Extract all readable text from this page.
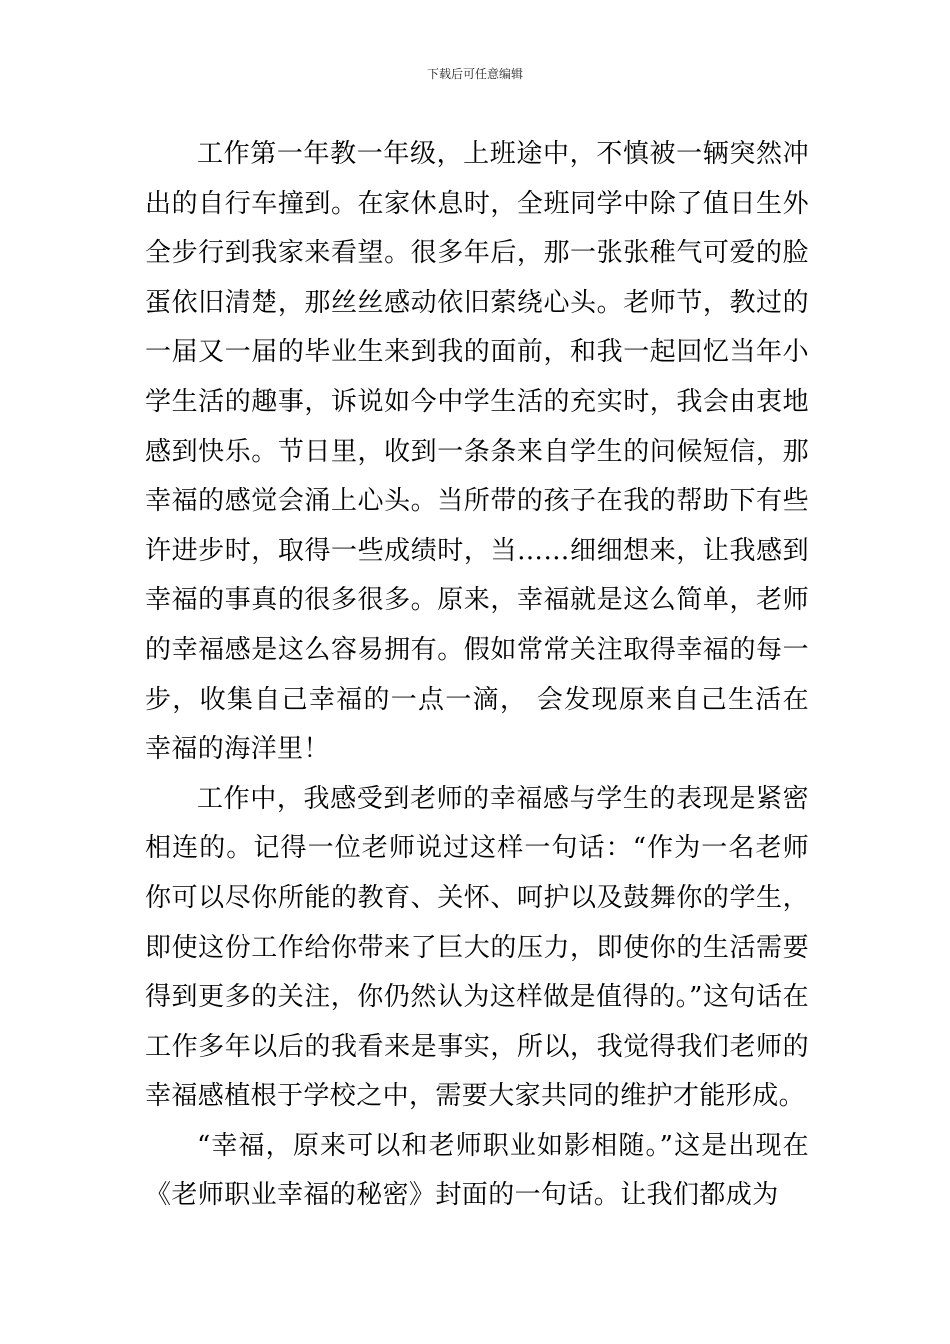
下载后可任意编辑

工作第一年教一年级，上班途中，不慎被一辆突然冲出的自行车撞到。在家休息时，全班同学中除了值日生外全步行到我家来看望。很多年后，那一张张稚气可爱的脸蛋依旧清楚，那丝丝感动依旧萦绕心头。老师节，教过的一届又一届的毕业生来到我的面前，和我一起回忆当年小学生活的趣事，诉说如今中学生活的充实时，我会由衷地感到快乐。节日里，收到一条条来自学生的问候短信，那幸福的感觉会涌上心头。当所带的孩子在我的帮助下有些许进步时，取得一些成绩时，当……细细想来，让我感到幸福的事真的很多很多。原来，幸福就是这么简单，老师的幸福感是这么容易拥有。假如常常关注取得幸福的每一步，收集自己幸福的一点一滴， 会发现原来自己生活在幸福的海洋里！

工作中，我感受到老师的幸福感与学生的表现是紧密相连的。记得一位老师说过这样一句话：“作为一名老师你可以尽你所能的教育、关怀、呵护以及鼓舞你的学生，即使这份工作给你带来了巨大的压力，即使你的生活需要得到更多的关注，你仍然认为这样做是值得的。”这句话在工作多年以后的我看来是事实，所以，我觉得我们老师的幸福感植根于学校之中，需要大家共同的维护才能形成。

“幸福，原来可以和老师职业如影相随。”这是出现在《老师职业幸福的秘密》封面的一句话。让我们都成为
